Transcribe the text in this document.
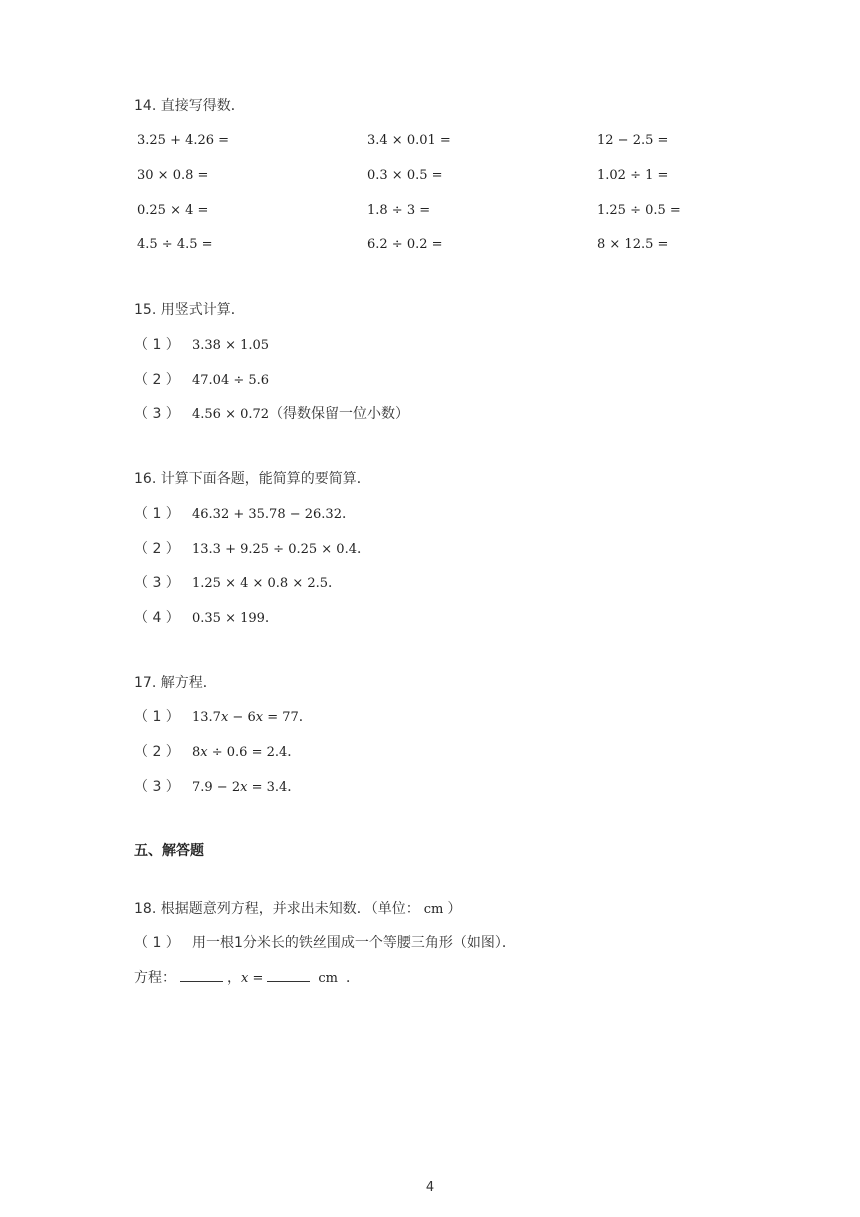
14. 直接写得数．
3.25 + 4.26 =	3.4 × 0.01 =	12 − 2.5 =
30 × 0.8 =	0.3 × 0.5 =	1.02 ÷ 1 =
0.25 × 4 =	1.8 ÷ 3 =	1.25 ÷ 0.5 =
4.5 ÷ 4.5 =	6.2 ÷ 0.2 =	8 × 12.5 =
15. 用竖式计算．
（ 1 ） 3.38 × 1.05
（ 2 ） 47.04 ÷ 5.6
（ 3 ） 4.56 × 0.72（得数保留一位小数）
16. 计算下面各题，能简算的要简算．
（ 1 ） 46.32 + 35.78 − 26.32．
（ 2 ） 13.3 + 9.25 ÷ 0.25 × 0.4．
（ 3 ） 1.25 × 4 × 0.8 × 2.5．
（ 4 ） 0.35 × 199．
17. 解方程．
（ 1 ） 13.7x − 6x = 77．
（ 2 ） 8x ÷ 0.6 = 2.4．
（ 3 ） 7.9 − 2x = 3.4．
五、解答题
18. 根据题意列方程，并求出未知数．（单位： cm ）
（ 1 ） 用一根1分米长的铁丝围成一个等腰三角形（如图）．
方程：	，x =	cm ．
4
